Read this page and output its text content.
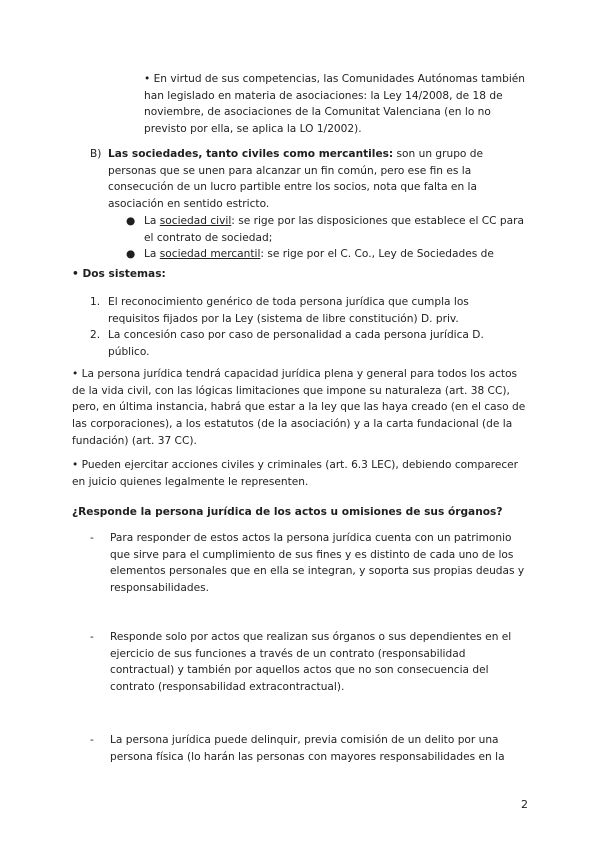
• En virtud de sus competencias, las Comunidades Autónomas también han legislado en materia de asociaciones: la Ley 14/2008, de 18 de noviembre, de asociaciones de la Comunitat Valenciana (en lo no previsto por ella, se aplica la LO 1/2002).
B) Las sociedades, tanto civiles como mercantiles: son un grupo de personas que se unen para alcanzar un fin común, pero ese fin es la consecución de un lucro partible entre los socios, nota que falta en la asociación en sentido estricto.
● La sociedad civil: se rige por las disposiciones que establece el CC para el contrato de sociedad;
● La sociedad mercantil: se rige por el C. Co., Ley de Sociedades de
• Dos sistemas:
1. El reconocimiento genérico de toda persona jurídica que cumpla los requisitos fijados por la Ley (sistema de libre constitución) D. priv.
2. La concesión caso por caso de personalidad a cada persona jurídica D. público.
• La persona jurídica tendrá capacidad jurídica plena y general para todos los actos de la vida civil, con las lógicas limitaciones que impone su naturaleza (art. 38 CC), pero, en última instancia, habrá que estar a la ley que las haya creado (en el caso de las corporaciones), a los estatutos (de la asociación) y a la carta fundacional (de la fundación) (art. 37 CC).
• Pueden ejercitar acciones civiles y criminales (art. 6.3 LEC), debiendo comparecer en juicio quienes legalmente le representen.
¿Responde la persona jurídica de los actos u omisiones de sus órganos?
- Para responder de estos actos la persona jurídica cuenta con un patrimonio que sirve para el cumplimiento de sus fines y es distinto de cada uno de los elementos personales que en ella se integran, y soporta sus propias deudas y responsabilidades.
- Responde solo por actos que realizan sus órganos o sus dependientes en el ejercicio de sus funciones a través de un contrato (responsabilidad contractual) y también por aquellos actos que no son consecuencia del contrato (responsabilidad extracontractual).
- La persona jurídica puede delinquir, previa comisión de un delito por una persona física (lo harán las personas con mayores responsabilidades en la
2
